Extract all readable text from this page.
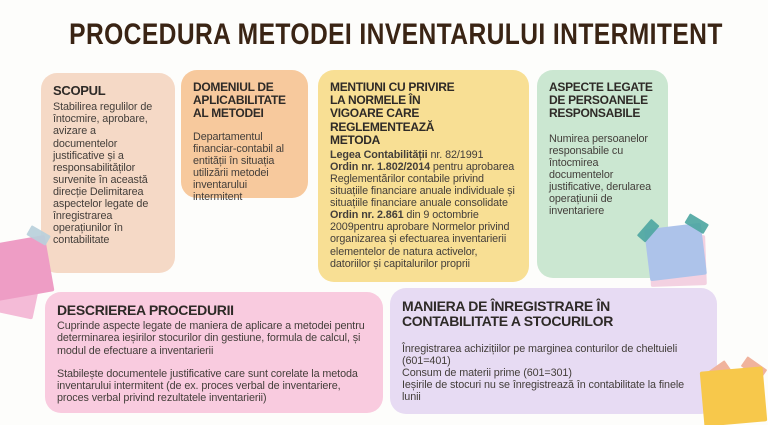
PROCEDURA METODEI INVENTARULUI INTERMITENT
SCOPUL

Stabilirea regulilor de întocmire, aprobare, avizare a documentelor justificative și a responsabilităților survenite în această direcție Delimitarea aspectelor legate de înregistrarea operațiunilor în contabilitate

DOMENIUL DE APLICABILITATE AL METODEI

Departamentul financiar-contabil al entității în situația utilizării metodei inventarului intermitent

MENTIUNI CU PRIVIRE LA NORMELE ÎN VIGOARE CARE REGLEMENTEAZĂ METODA

Legea Contabilității nr. 82/1991

Ordin nr. 1.802/2014 pentru aprobarea Reglementărilor contabile privind situațiile financiare anuale individuale și situațiile financiare anuale consolidate

Ordin nr. 2.861 din 9 octombrie 2009pentru aprobare Normelor privind organizarea și efectuarea inventarierii elementelor de natura activelor, datoriilor și capitalurilor proprii

ASPECTE LEGATE DE PERSOANELE RESPONSABILE

Numirea persoanelor responsabile cu întocmirea documentelor justificative, derularea operațiunii de inventariere

DESCRIEREA PROCEDURII

Cuprinde aspecte legate de maniera de aplicare a metodei pentru determinarea ieșirilor stocurilor din gestiune, formula de calcul, și modul de efectuare a inventarierii

Stabilește documentele justificative care sunt corelate la metoda inventarului intermitent (de ex. proces verbal de inventariere, proces verbal privind rezultatele inventarierii)

MANIERA DE ÎNREGISTRARE ÎN CONTABILITATE A STOCURILOR

Înregistrarea achizițiilor pe marginea conturilor de cheltuieli (601=401)

Consum de materii prime (601=301)

Ieșirile de stocuri nu se înregistrează în contabilitate la finele lunii
